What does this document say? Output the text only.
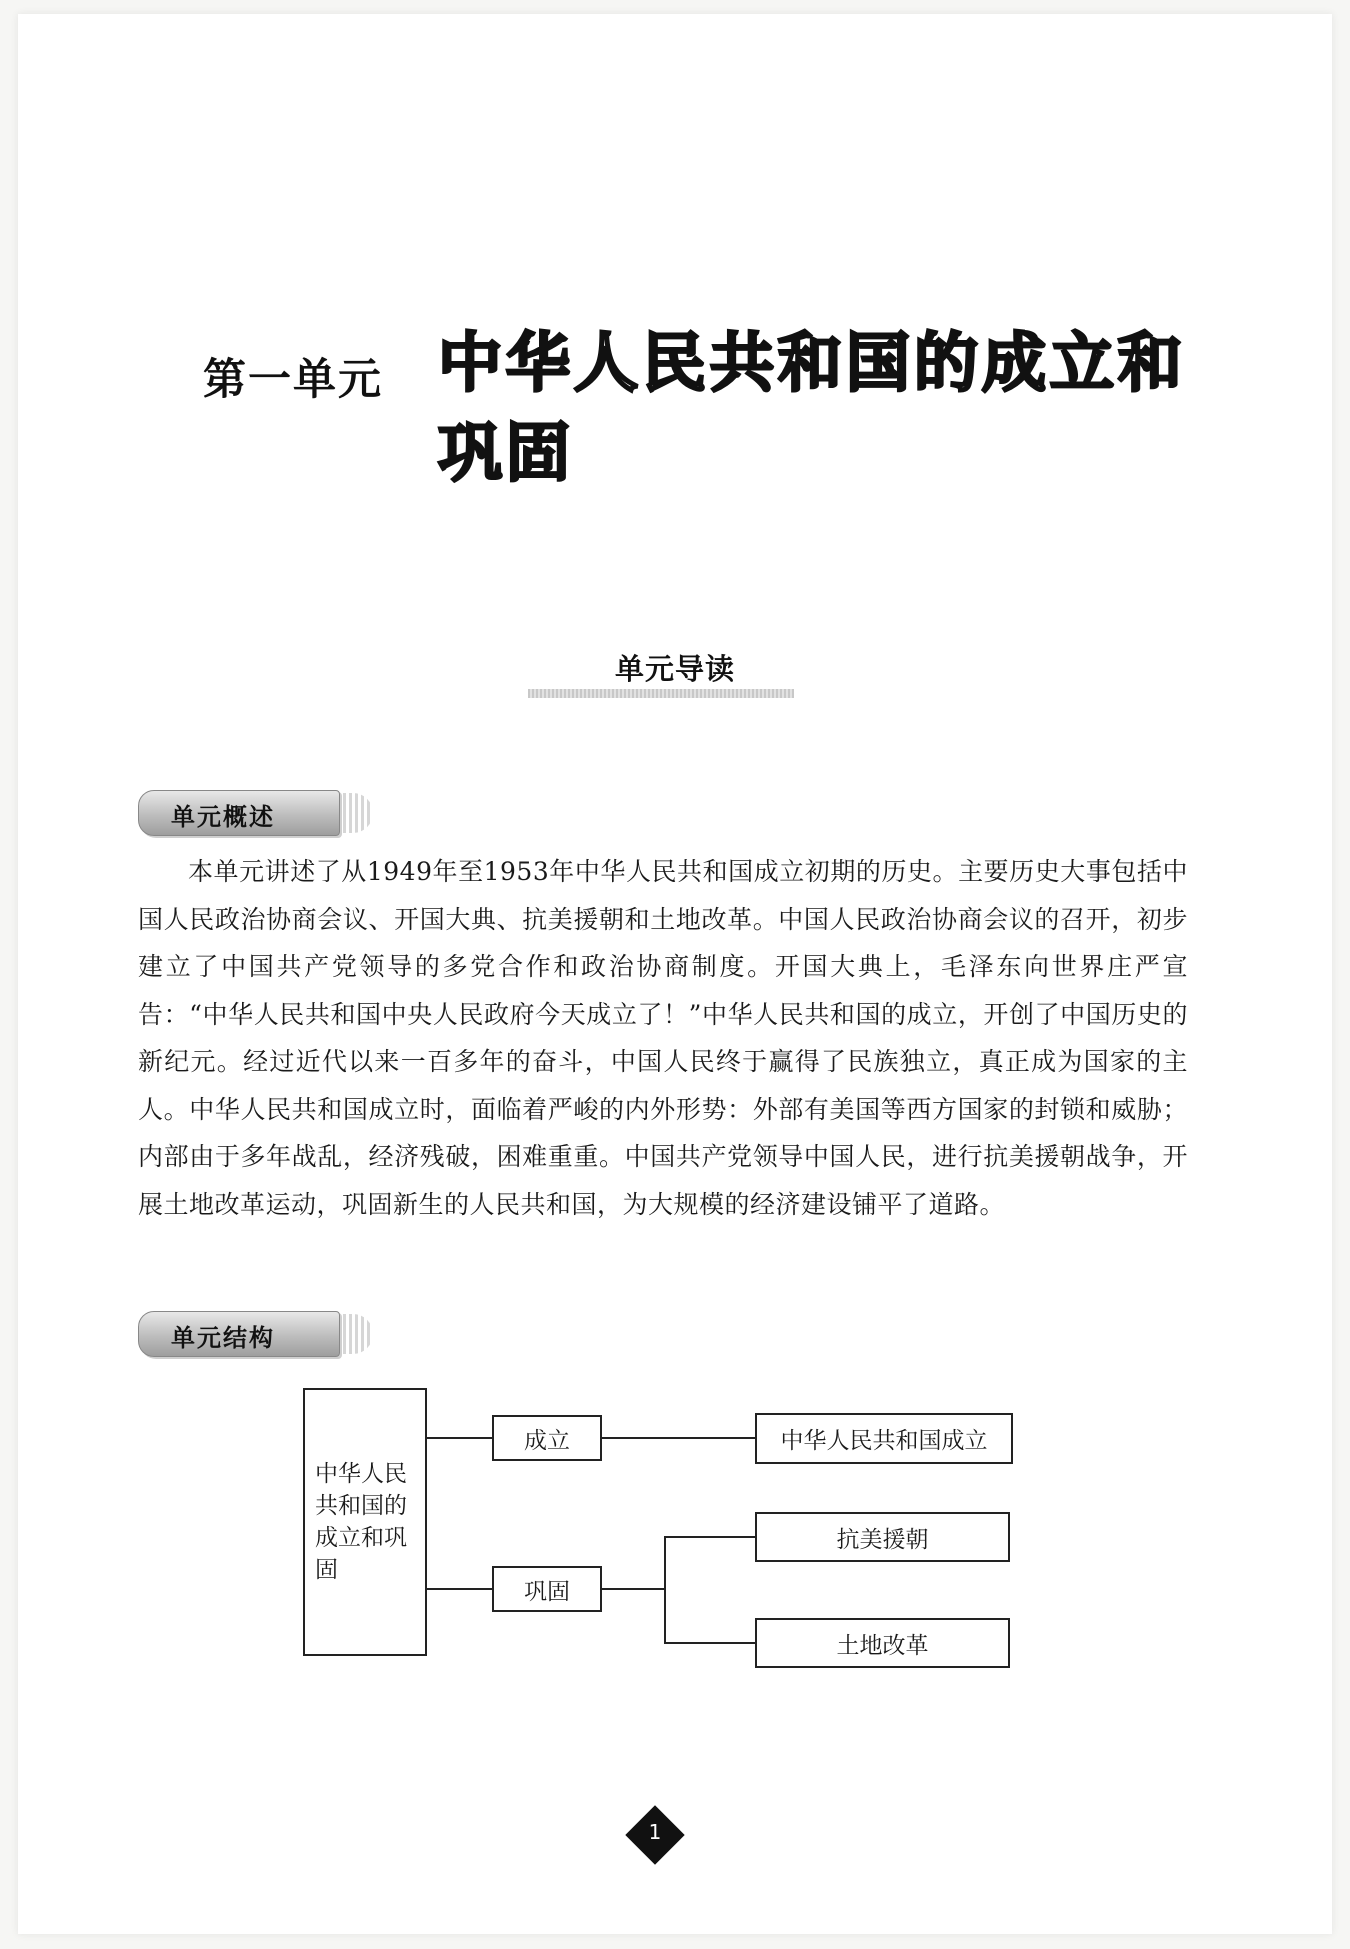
第一单元 中华人民共和国的成立和巩固
单元导读
单元概述
本单元讲述了从1949年至1953年中华人民共和国成立初期的历史。主要历史大事包括中国人民政治协商会议、开国大典、抗美援朝和土地改革。中国人民政治协商会议的召开，初步建立了中国共产党领导的多党合作和政治协商制度。开国大典上，毛泽东向世界庄严宣告：“中华人民共和国中央人民政府今天成立了！”中华人民共和国的成立，开创了中国历史的新纪元。经过近代以来一百多年的奋斗，中国人民终于赢得了民族独立，真正成为国家的主人。中华人民共和国成立时，面临着严峻的内外形势：外部有美国等西方国家的封锁和威胁；内部由于多年战乱，经济残破，困难重重。中国共产党领导中国人民，进行抗美援朝战争，开展土地改革运动，巩固新生的人民共和国，为大规模的经济建设铺平了道路。
单元结构
中华人民共和国的成立和巩固
成立	中华人民共和国成立
巩固
抗美援朝
土地改革
1
